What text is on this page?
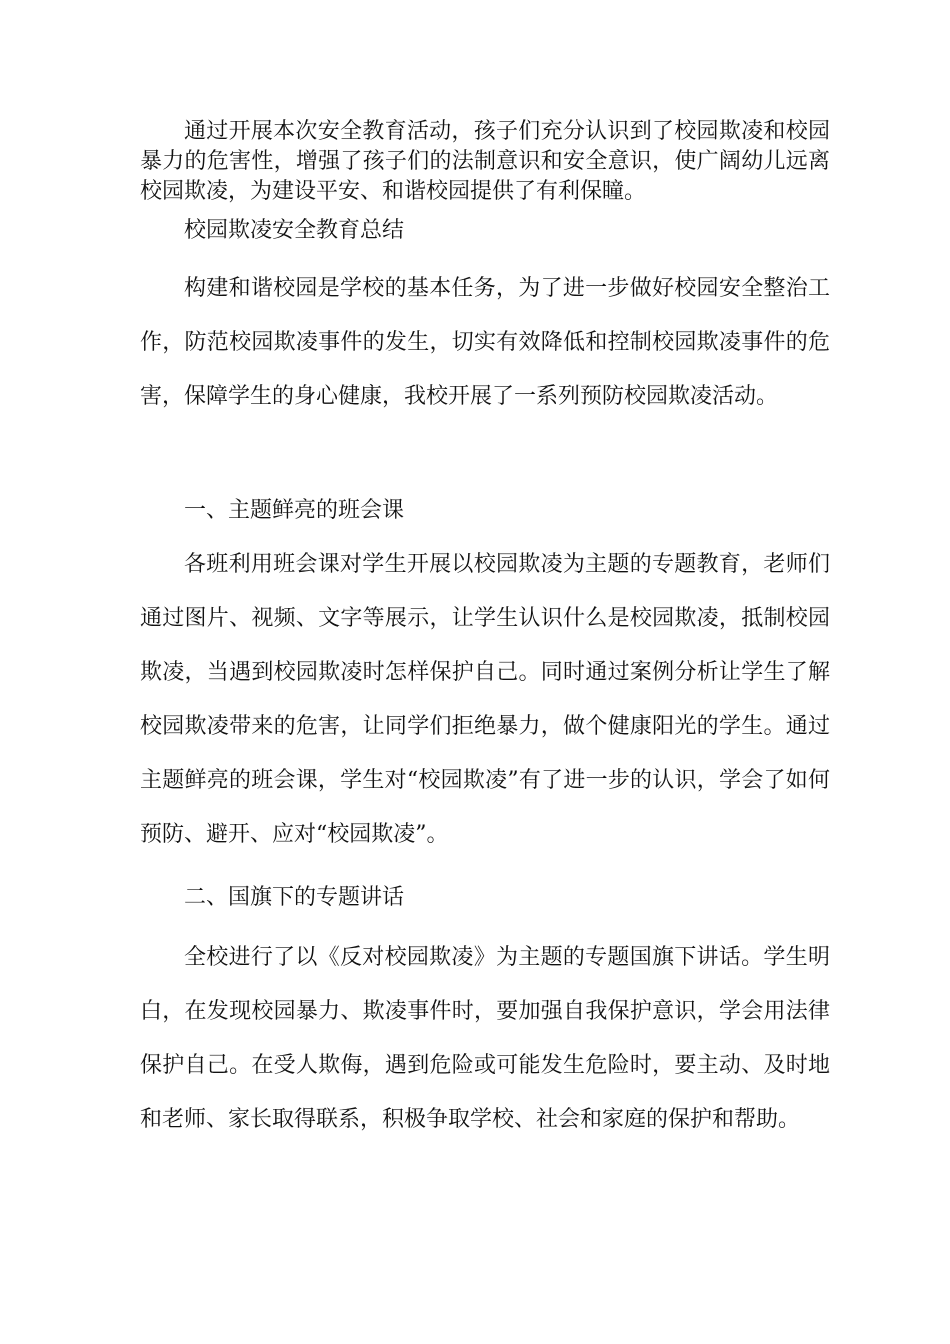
通过开展本次安全教育活动，孩子们充分认识到了校园欺凌和校园暴力的危害性，增强了孩子们的法制意识和安全意识，使广阔幼儿远离校园欺凌，为建设平安、和谐校园提供了有利保瞳。

校园欺凌安全教育总结

构建和谐校园是学校的基本任务，为了进一步做好校园安全整治工作，防范校园欺凌事件的发生，切实有效降低和控制校园欺凌事件的危害，保障学生的身心健康，我校开展了一系列预防校园欺凌活动。

一、主题鲜亮的班会课

各班利用班会课对学生开展以校园欺凌为主题的专题教育，老师们通过图片、视频、文字等展示，让学生认识什么是校园欺凌，抵制校园欺凌，当遇到校园欺凌时怎样保护自己。同时通过案例分析让学生了解校园欺凌带来的危害，让同学们拒绝暴力，做个健康阳光的学生。通过主题鲜亮的班会课，学生对“校园欺凌”有了进一步的认识，学会了如何预防、避开、应对“校园欺凌”。

二、国旗下的专题讲话

全校进行了以《反对校园欺凌》为主题的专题国旗下讲话。学生明白，在发现校园暴力、欺凌事件时，要加强自我保护意识，学会用法律保护自己。在受人欺侮，遇到危险或可能发生危险时，要主动、及时地和老师、家长取得联系，积极争取学校、社会和家庭的保护和帮助。
